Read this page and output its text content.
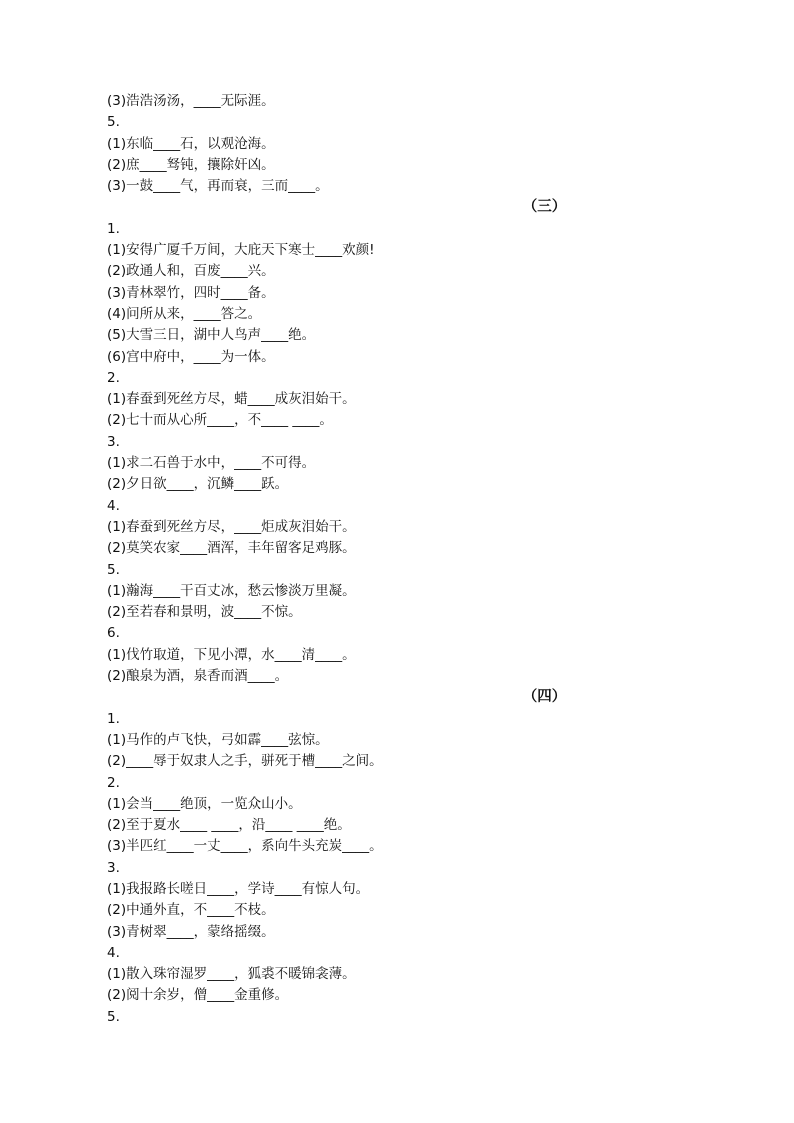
(3)浩浩汤汤，____无际涯。
5.
(1)东临____石，以观沧海。
(2)庶____驽钝，攘除奸凶。
(3)一鼓____气，再而衰，三而____。
（三）
1.
(1)安得广厦千万间，大庇天下寒士____欢颜!
(2)政通人和，百废____兴。
(3)青林翠竹，四时____备。
(4)问所从来，____答之。
(5)大雪三日，湖中人鸟声____绝。
(6)宫中府中，____为一体。
2.
(1)春蚕到死丝方尽，蜡____成灰泪始干。
(2)七十而从心所____，不____ ____。
3.
(1)求二石兽于水中，____不可得。
(2)夕日欲____，沉鳞____跃。
4.
(1)春蚕到死丝方尽，____炬成灰泪始干。
(2)莫笑农家____酒浑，丰年留客足鸡豚。
5.
(1)瀚海____干百丈冰，愁云惨淡万里凝。
(2)至若春和景明，波____不惊。
6.
(1)伐竹取道，下见小潭，水____清____。
(2)酿泉为酒，泉香而酒____。
（四）
1.
(1)马作的卢飞快，弓如霹____弦惊。
(2)____辱于奴隶人之手，骈死于槽____之间。
2.
(1)会当____绝顶，一览众山小。
(2)至于夏水____ ____，沿____ ____绝。
(3)半匹红____一丈____，系向牛头充炭____。
3.
(1)我报路长嗟日____，学诗____有惊人句。
(2)中通外直，不____不枝。
(3)青树翠____，蒙络摇缀。
4.
(1)散入珠帘湿罗____，狐裘不暖锦衾薄。
(2)阅十余岁，僧____金重修。
5.
